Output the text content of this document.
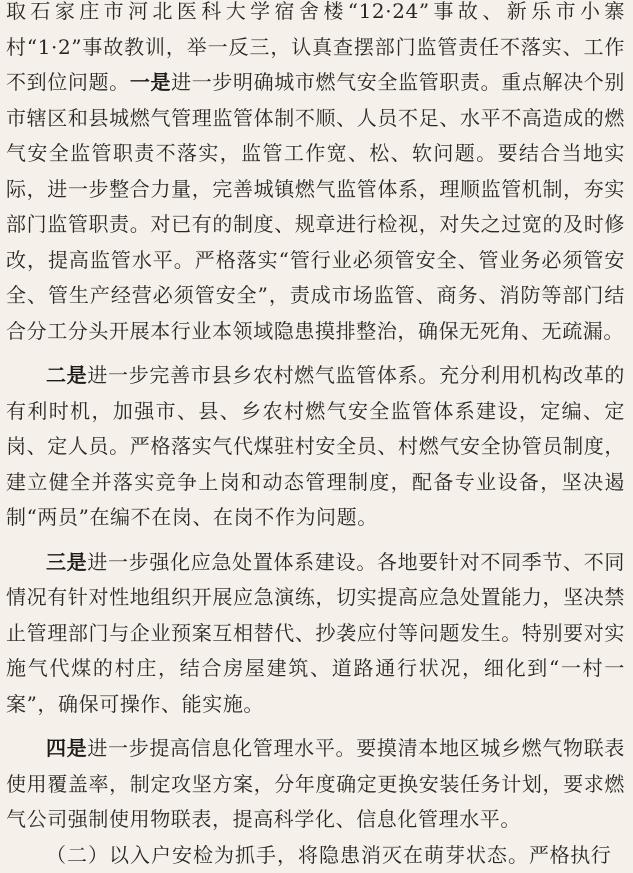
取石家庄市河北医科大学宿舍楼“12·24”事故、新乐市小寨村“1·2”事故教训，举一反三，认真查摆部门监管责任不落实、工作不到位问题。一是进一步明确城市燃气安全监管职责。重点解决个别市辖区和县城燃气管理监管体制不顺、人员不足、水平不高造成的燃气安全监管职责不落实，监管工作宽、松、软问题。要结合当地实际，进一步整合力量，完善城镇燃气监管体系，理顺监管机制，夯实部门监管职责。对已有的制度、规章进行检视，对失之过宽的及时修改，提高监管水平。严格落实“管行业必须管安全、管业务必须管安全、管生产经营必须管安全”，责成市场监管、商务、消防等部门结合分工分头开展本行业本领域隐患摸排整治，确保无死角、无疏漏。

二是进一步完善市县乡农村燃气监管体系。充分利用机构改革的有利时机，加强市、县、乡农村燃气安全监管体系建设，定编、定岗、定人员。严格落实气代煤驻村安全员、村燃气安全协管员制度，建立健全并落实竞争上岗和动态管理制度，配备专业设备，坚决遏制“两员”在编不在岗、在岗不作为问题。

三是进一步强化应急处置体系建设。各地要针对不同季节、不同情况有针对性地组织开展应急演练，切实提高应急处置能力，坚决禁止管理部门与企业预案互相替代、抄袭应付等问题发生。特别要对实施气代煤的村庄，结合房屋建筑、道路通行状况，细化到“一村一案”，确保可操作、能实施。

四是进一步提高信息化管理水平。要摸清本地区城乡燃气物联表使用覆盖率，制定攻坚方案，分年度确定更换安装任务计划，要求燃气公司强制使用物联表，提高科学化、信息化管理水平。

（二）以入户安检为抓手，将隐患消灭在萌芽状态。严格执行
